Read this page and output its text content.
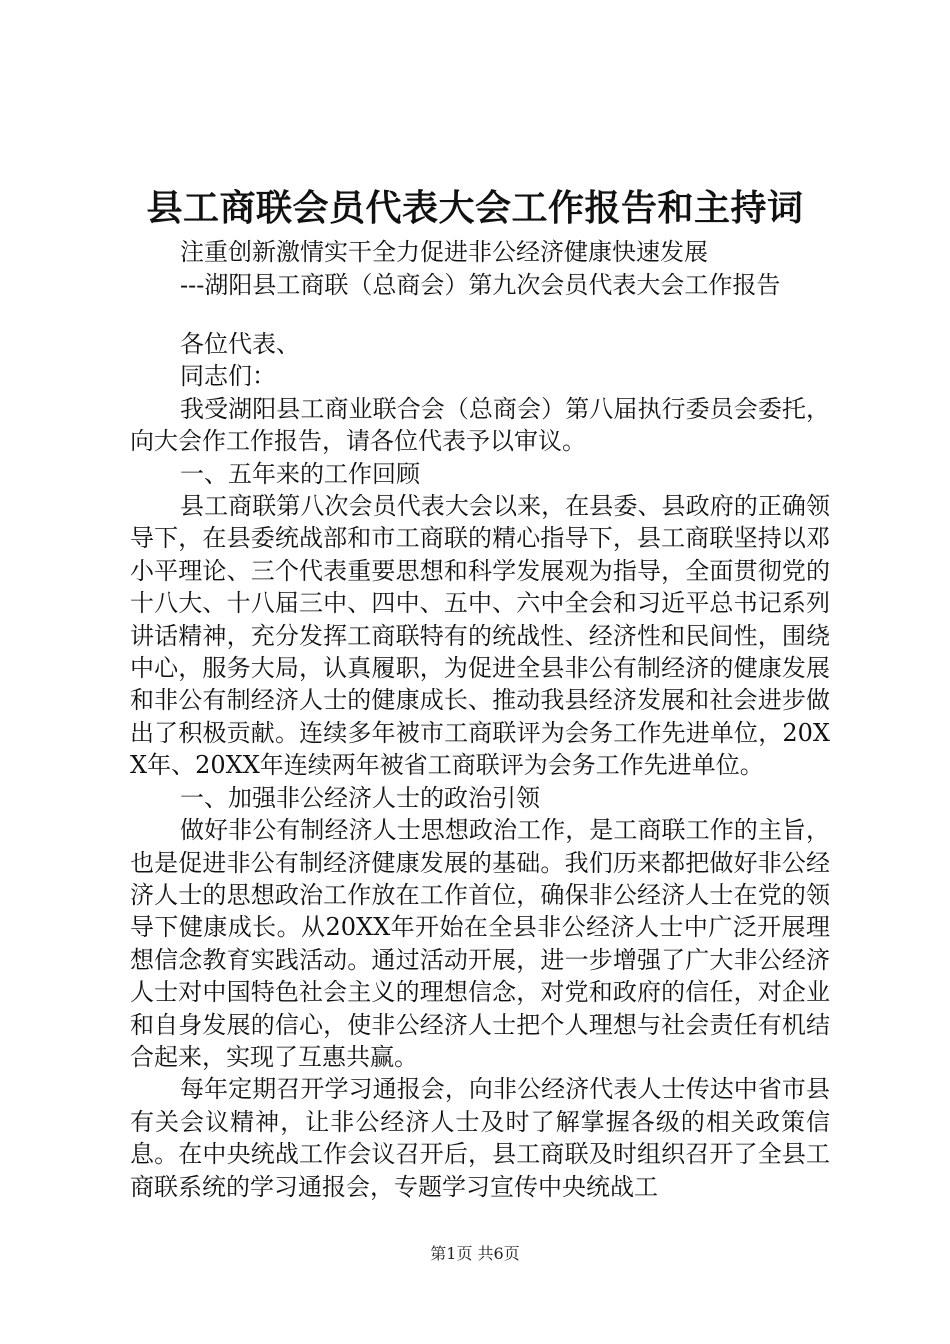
县工商联会员代表大会工作报告和主持词
注重创新激情实干全力促进非公经济健康快速发展
---湖阳县工商联（总商会）第九次会员代表大会工作报告

各位代表、

同志们：

我受湖阳县工商业联合会（总商会）第八届执行委员会委托，向大会作工作报告，请各位代表予以审议。

一、五年来的工作回顾

县工商联第八次会员代表大会以来，在县委、县政府的正确领导下，在县委统战部和市工商联的精心指导下，县工商联坚持以邓小平理论、三个代表重要思想和科学发展观为指导，全面贯彻党的十八大、十八届三中、四中、五中、六中全会和习近平总书记系列讲话精神，充分发挥工商联特有的统战性、经济性和民间性，围绕中心，服务大局，认真履职，为促进全县非公有制经济的健康发展和非公有制经济人士的健康成长、推动我县经济发展和社会进步做出了积极贡献。连续多年被市工商联评为会务工作先进单位，20XX年、20XX年连续两年被省工商联评为会务工作先进单位。

一、加强非公经济人士的政治引领

做好非公有制经济人士思想政治工作，是工商联工作的主旨，也是促进非公有制经济健康发展的基础。我们历来都把做好非公经济人士的思想政治工作放在工作首位，确保非公经济人士在党的领导下健康成长。从20XX年开始在全县非公经济人士中广泛开展理想信念教育实践活动。通过活动开展，进一步增强了广大非公经济人士对中国特色社会主义的理想信念，对党和政府的信任，对企业和自身发展的信心，使非公经济人士把个人理想与社会责任有机结合起来，实现了互惠共赢。

每年定期召开学习通报会，向非公经济代表人士传达中省市县有关会议精神，让非公经济人士及时了解掌握各级的相关政策信息。在中央统战工作会议召开后，县工商联及时组织召开了全县工商联系统的学习通报会，专题学习宣传中央统战工

第1页 共6页
